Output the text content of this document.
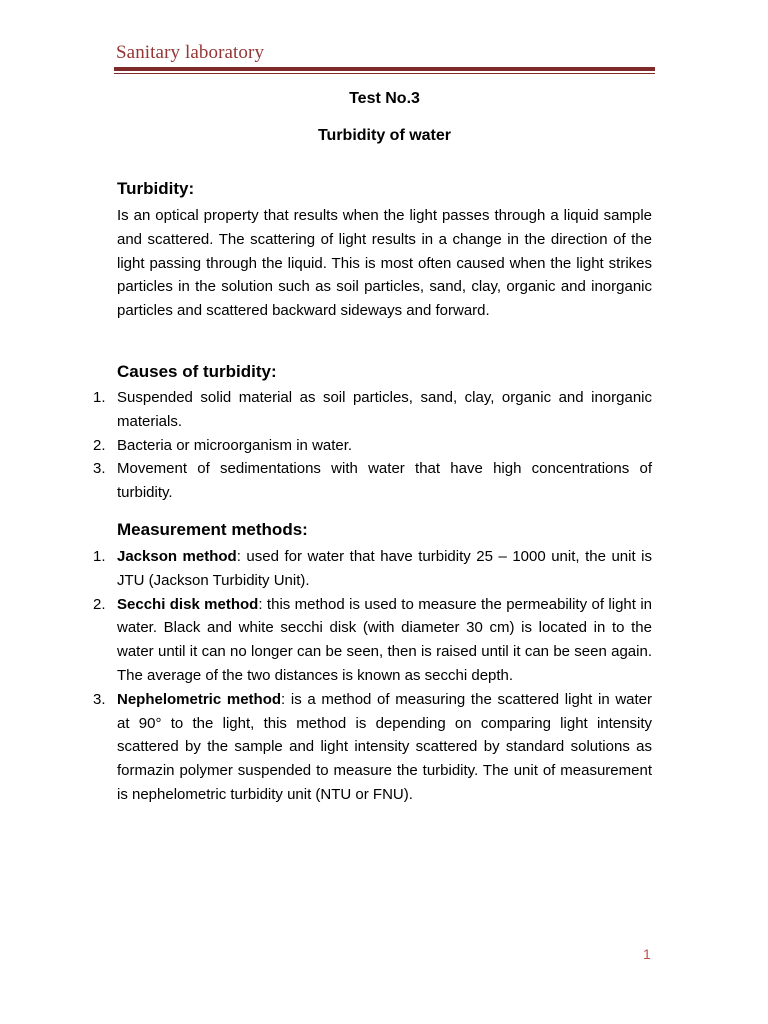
Sanitary laboratory
Test No.3
Turbidity of water
Turbidity:
Is an optical property that results when the light passes through a liquid sample and scattered. The scattering of light results in a change in the direction of the light passing through the liquid. This is most often caused when the light strikes particles in the solution such as soil particles, sand, clay, organic and inorganic particles and scattered backward sideways and forward.
Causes of turbidity:
1. Suspended solid material as soil particles, sand, clay, organic and inorganic materials.
2. Bacteria or microorganism in water.
3. Movement of sedimentations with water that have high concentrations of turbidity.
Measurement methods:
1. Jackson method: used for water that have turbidity 25 – 1000 unit, the unit is JTU (Jackson Turbidity Unit).
2. Secchi disk method: this method is used to measure the permeability of light in water. Black and white secchi disk (with diameter 30 cm) is located in to the water until it can no longer can be seen, then is raised until it can be seen again. The average of the two distances is known as secchi depth.
3. Nephelometric method: is a method of measuring the scattered light in water at 90° to the light, this method is depending on comparing light intensity scattered by the sample and light intensity scattered by standard solutions as formazin polymer suspended to measure the turbidity. The unit of measurement is nephelometric turbidity unit (NTU or FNU).
1
